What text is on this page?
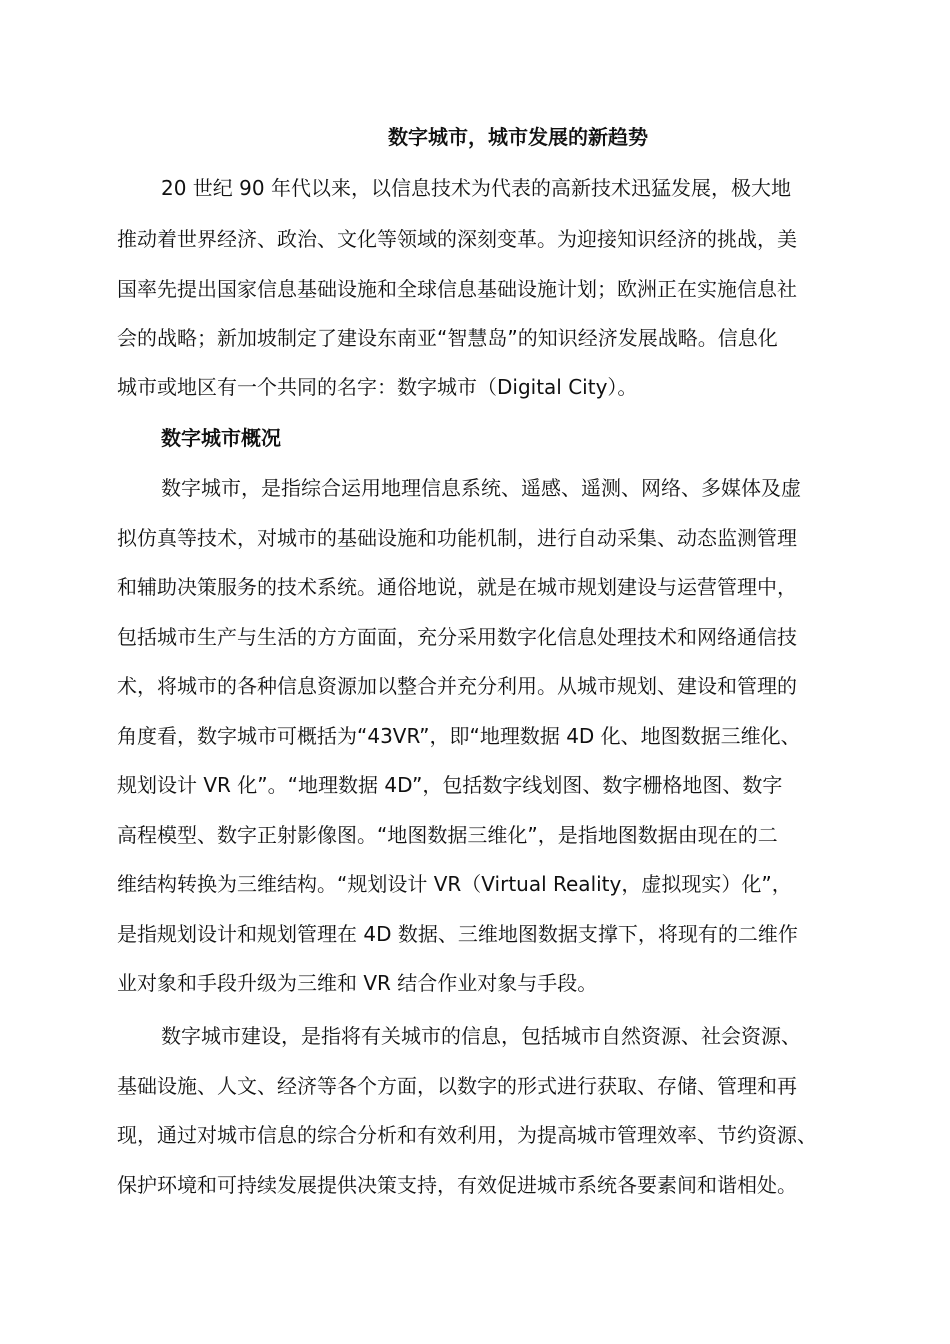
数字城市，城市发展的新趋势

20 世纪 90 年代以来，以信息技术为代表的高新技术迅猛发展，极大地

推动着世界经济、政治、文化等领域的深刻变革。为迎接知识经济的挑战，美

国率先提出国家信息基础设施和全球信息基础设施计划；欧洲正在实施信息社

会的战略；新加坡制定了建设东南亚“智慧岛”的知识经济发展战略。信息化

城市或地区有一个共同的名字：数字城市（Digital City）。

数字城市概况

数字城市，是指综合运用地理信息系统、遥感、遥测、网络、多媒体及虚

拟仿真等技术，对城市的基础设施和功能机制，进行自动采集、动态监测管理

和辅助决策服务的技术系统。通俗地说，就是在城市规划建设与运营管理中，

包括城市生产与生活的方方面面，充分采用数字化信息处理技术和网络通信技

术，将城市的各种信息资源加以整合并充分利用。从城市规划、建设和管理的

角度看，数字城市可概括为“43VR”，即“地理数据 4D 化、地图数据三维化、

规划设计 VR 化”。“地理数据 4D”，包括数字线划图、数字栅格地图、数字

高程模型、数字正射影像图。“地图数据三维化”，是指地图数据由现在的二

维结构转换为三维结构。“规划设计 VR（Virtual Reality，虚拟现实）化”，

是指规划设计和规划管理在 4D 数据、三维地图数据支撑下，将现有的二维作

业对象和手段升级为三维和 VR 结合作业对象与手段。

数字城市建设，是指将有关城市的信息，包括城市自然资源、社会资源、

基础设施、人文、经济等各个方面，以数字的形式进行获取、存储、管理和再

现，通过对城市信息的综合分析和有效利用，为提高城市管理效率、节约资源、

保护环境和可持续发展提供决策支持，有效促进城市系统各要素间和谐相处。
